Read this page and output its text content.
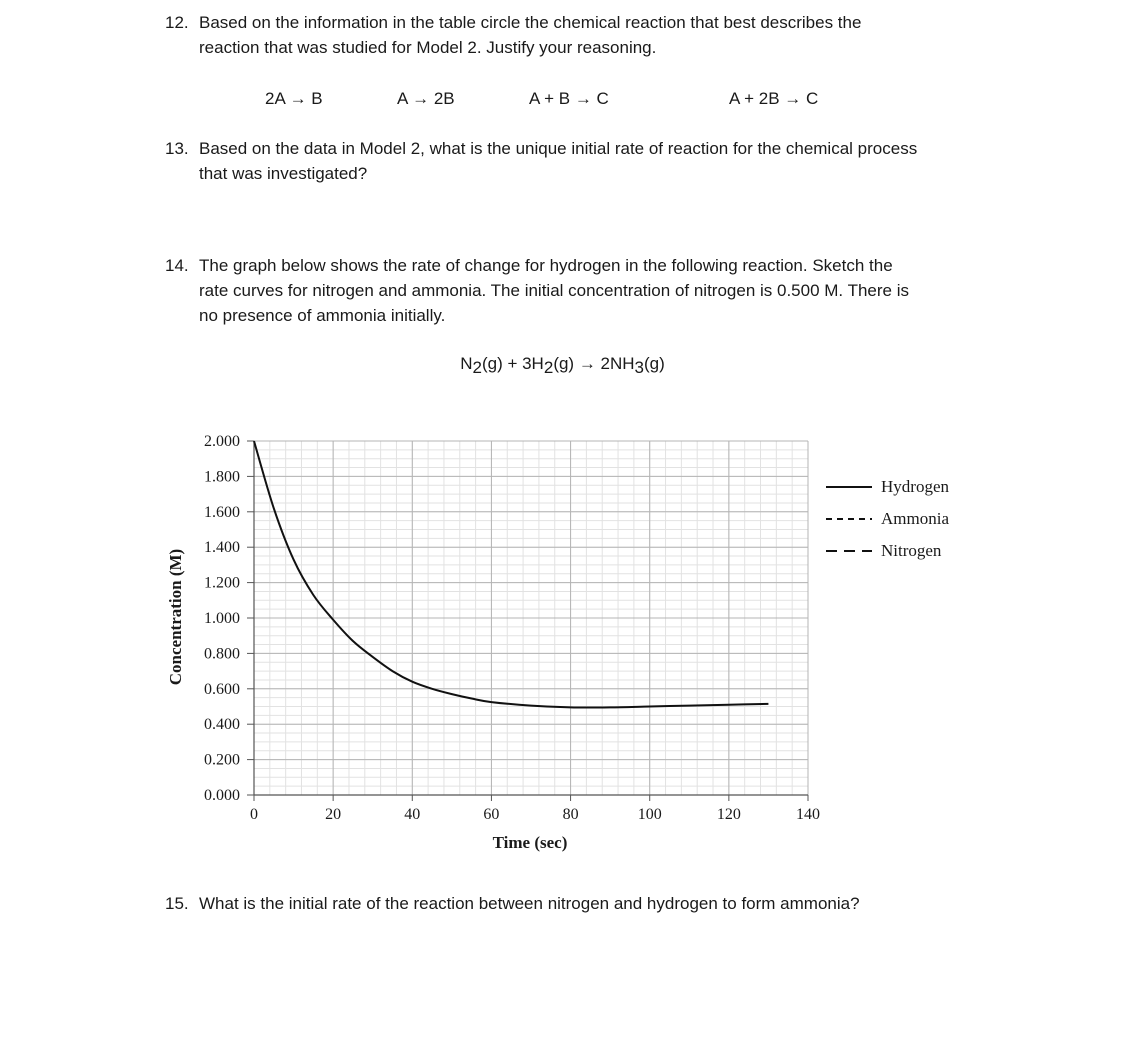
12. Based on the information in the table circle the chemical reaction that best describes the
reaction that was studied for Model 2. Justify your reasoning.
2A → B	A → 2B	A + B → C	A + 2B → C
13. Based on the data in Model 2, what is the unique initial rate of reaction for the chemical process
that was investigated?
14. The graph below shows the rate of change for hydrogen in the following reaction. Sketch the
rate curves for nitrogen and ammonia. The initial concentration of nitrogen is 0.500 M. There is
no presence of ammonia initially.
$N_2(g) + 3H_2(g) \to 2NH_3(g)$
0.000
0.200
0.400
0.600
0.800
1.000
1.200
1.400
1.600
1.800
2.000
0	20	40	60	80	100	120	140
Hydrogen
Ammonia
Nitrogen
Time (sec)
Concentration (M)
15. What is the initial rate of the reaction between nitrogen and hydrogen to form ammonia?
